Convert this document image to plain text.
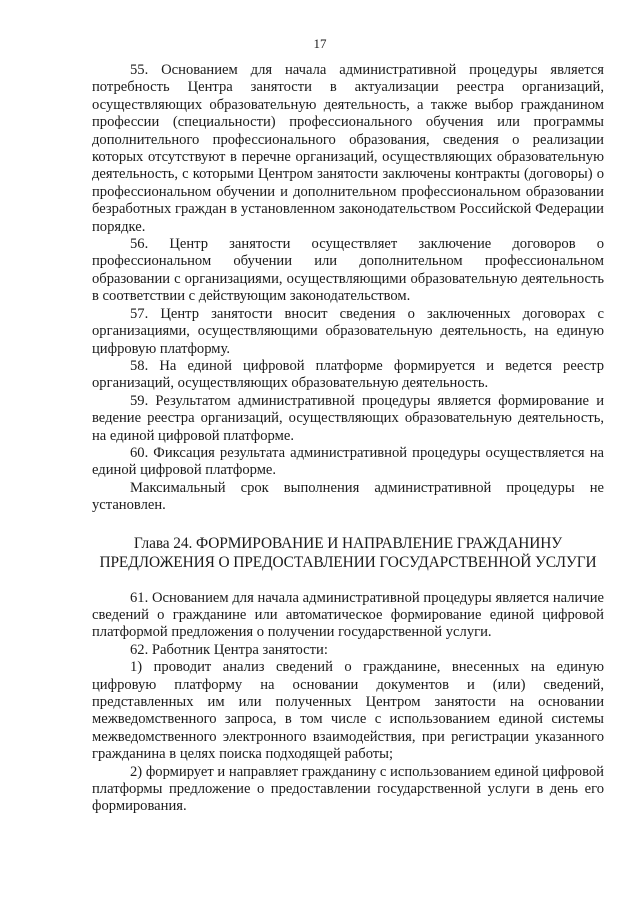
17

55. Основанием для начала административной процедуры является потребность Центра занятости в актуализации реестра организаций, осуществляющих образовательную деятельность, а также выбор гражданином профессии (специальности) профессионального обучения или программы дополнительного профессионального образования, сведения о реализации которых отсутствуют в перечне организаций, осуществляющих образовательную деятельность, с которыми Центром занятости заключены контракты (договоры) о профессиональном обучении и дополнительном профессиональном образовании безработных граждан в установленном законодательством Российской Федерации порядке.

56. Центр занятости осуществляет заключение договоров о профессиональном обучении или дополнительном профессиональном образовании с организациями, осуществляющими образовательную деятельность в соответствии с действующим законодательством.

57. Центр занятости вносит сведения о заключенных договорах с организациями, осуществляющими образовательную деятельность, на единую цифровую платформу.

58. На единой цифровой платформе формируется и ведется реестр организаций, осуществляющих образовательную деятельность.

59. Результатом административной процедуры является формирование и ведение реестра организаций, осуществляющих образовательную деятельность, на единой цифровой платформе.

60. Фиксация результата административной процедуры осуществляется на единой цифровой платформе.

Максимальный срок выполнения административной процедуры не установлен.

Глава 24. ФОРМИРОВАНИЕ И НАПРАВЛЕНИЕ ГРАЖДАНИНУ
ПРЕДЛОЖЕНИЯ О ПРЕДОСТАВЛЕНИИ ГОСУДАРСТВЕННОЙ УСЛУГИ

61. Основанием для начала административной процедуры является наличие сведений о гражданине или автоматическое формирование единой цифровой платформой предложения о получении государственной услуги.

62. Работник Центра занятости:

1) проводит анализ сведений о гражданине, внесенных на единую цифровую платформу на основании документов и (или) сведений, представленных им или полученных Центром занятости на основании межведомственного запроса, в том числе с использованием единой системы межведомственного электронного взаимодействия, при регистрации указанного гражданина в целях поиска подходящей работы;

2) формирует и направляет гражданину с использованием единой цифровой платформы предложение о предоставлении государственной услуги в день его формирования.
